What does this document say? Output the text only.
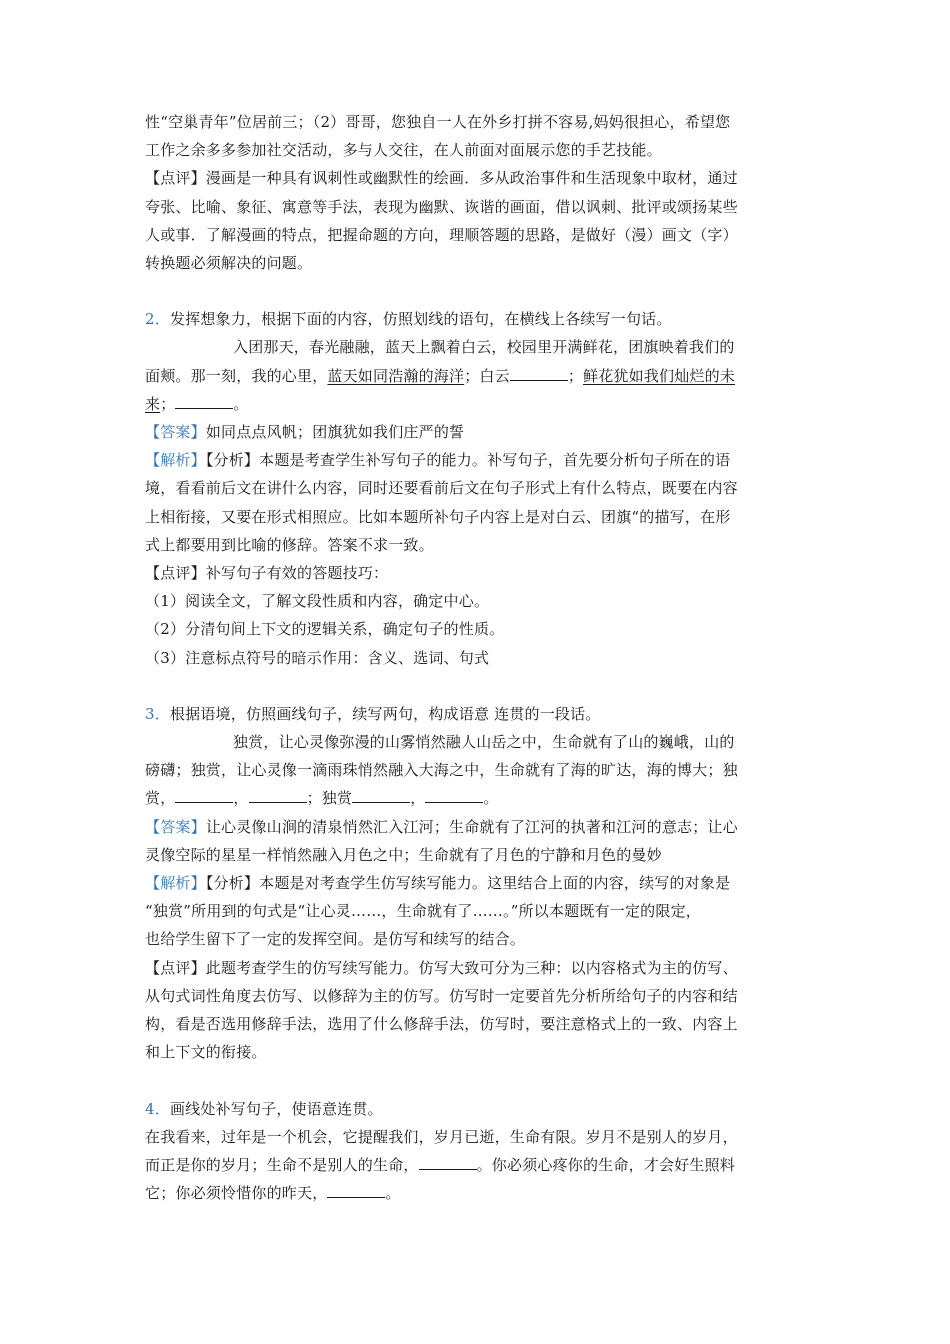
性“空巢青年”位居前三；（2）哥哥，您独自一人在外乡打拼不容易,妈妈很担心，希望您
工作之余多多参加社交活动，多与人交往，在人前面对面展示您的手艺技能。
【点评】漫画是一种具有讽刺性或幽默性的绘画．多从政治事件和生活现象中取材，通过
夸张、比喻、象征、寓意等手法，表现为幽默、诙谐的画面，借以讽刺、批评或颂扬某些
人或事．了解漫画的特点，把握命题的方向，理顺答题的思路，是做好（漫）画文（字）
转换题必须解决的问题。
2．发挥想象力，根据下面的内容，仿照划线的语句，在横线上各续写一句话。
入团那天，春光融融，蓝天上飘着白云，校园里开满鲜花，团旗映着我们的
面颊。那一刻，我的心里，蓝天如同浩瀚的海洋；白云	；鲜花犹如我们灿烂的未
来；	。
【答案】如同点点风帆；团旗犹如我们庄严的誓
【解析】【分析】本题是考查学生补写句子的能力。补写句子，首先要分析句子所在的语
境，看看前后文在讲什么内容，同时还要看前后文在句子形式上有什么特点，既要在内容
上相衔接，又要在形式相照应。比如本题所补句子内容上是对白云、团旗“的描写，在形
式上都要用到比喻的修辞。答案不求一致。
【点评】补写句子有效的答题技巧：
（1）阅读全文，了解文段性质和内容，确定中心。
（2）分清句间上下文的逻辑关系，确定句子的性质。
（3）注意标点符号的暗示作用：含义、选词、句式
3．根据语境，仿照画线句子，续写两句，构成语意 连贯的一段话。
独赏，让心灵像弥漫的山雾悄然融人山岳之中，生命就有了山的巍峨，山的
磅礴；独赏，让心灵像一滴雨珠悄然融入大海之中，生命就有了海的旷达，海的博大；独
赏，	，	；独赏	，	。
【答案】让心灵像山涧的清泉悄然汇入江河；生命就有了江河的执著和江河的意志；让心
灵像空际的星星一样悄然融入月色之中；生命就有了月色的宁静和月色的曼妙
【解析】【分析】本题是对考查学生仿写续写能力。这里结合上面的内容，续写的对象是
“独赏”所用到的句式是“让心灵……，生命就有了……。”所以本题既有一定的限定，
也给学生留下了一定的发挥空间。是仿写和续写的结合。
【点评】此题考查学生的仿写续写能力。仿写大致可分为三种：以内容格式为主的仿写、
从句式词性角度去仿写、以修辞为主的仿写。仿写时一定要首先分析所给句子的内容和结
构，看是否选用修辞手法，选用了什么修辞手法，仿写时，要注意格式上的一致、内容上
和上下文的衔接。
4．画线处补写句子，使语意连贯。
在我看来，过年是一个机会，它提醒我们，岁月已逝，生命有限。岁月不是别人的岁月，
而正是你的岁月；生命不是别人的生命，	。你必须心疼你的生命，才会好生照料
它；你必须怜惜你的昨天，	。
